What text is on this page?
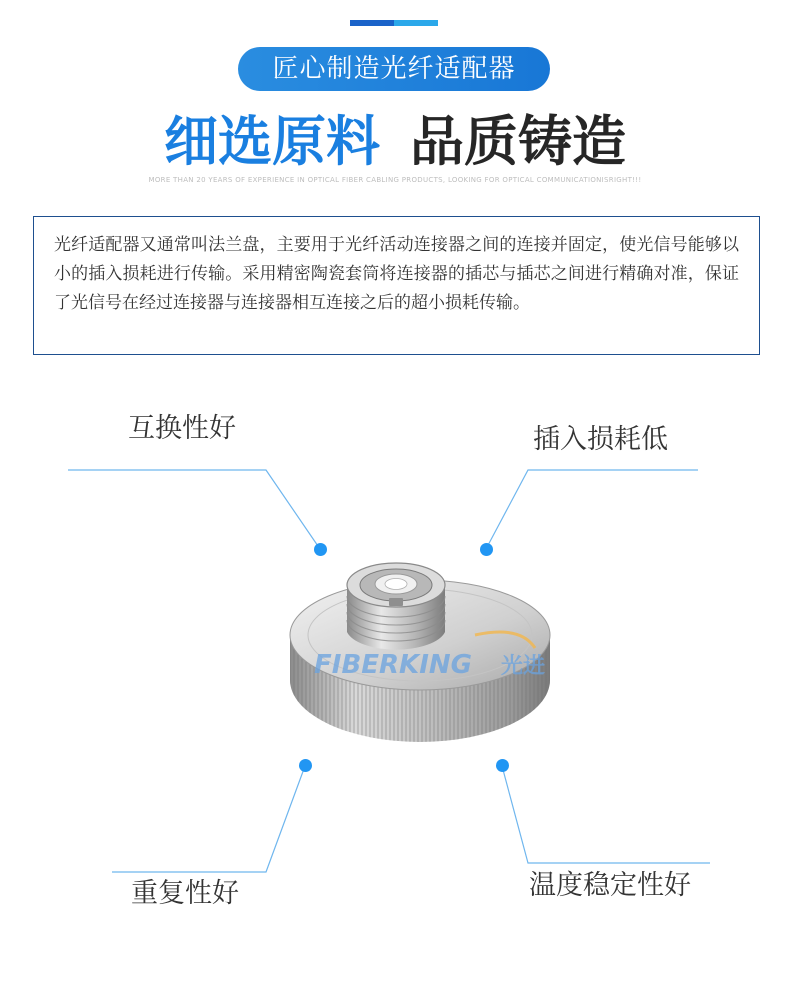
匠心制造光纤适配器
细选原料 品质铸造
MORE THAN 20 YEARS OF EXPERIENCE IN OPTICAL FIBER CABLING PRODUCTS, LOOKING FOR OPTICAL COMMUNICATIONISRIGHT!!!

光纤适配器又通常叫法兰盘，主要用于光纤活动连接器之间的连接并固定，使光信号能够以小的插入损耗进行传输。采用精密陶瓷套筒将连接器的插芯与插芯之间进行精确对准，保证了光信号在经过连接器与连接器相互连接之后的超小损耗传输。

互换性好	插入损耗低
重复性好	温度稳定性好
FIBERKING 光进
